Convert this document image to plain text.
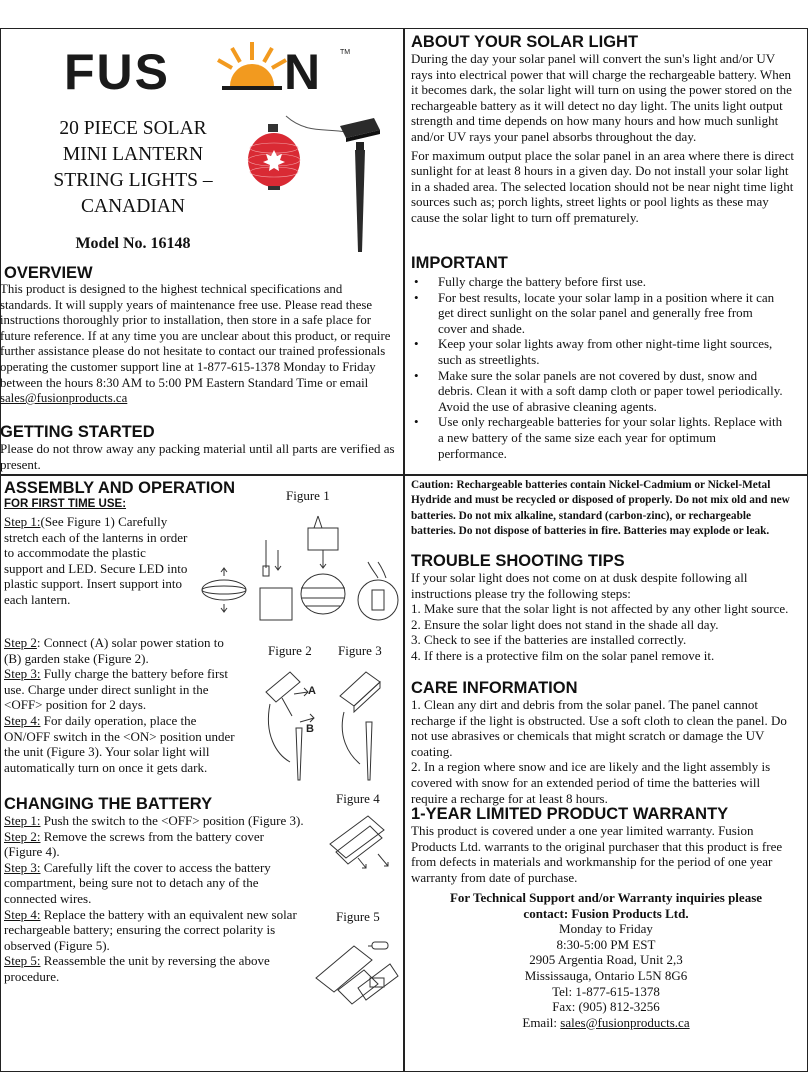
FUS N	TM
20 PIECE SOLAR
MINI LANTERN
STRING LIGHTS –
CANADIAN
Model No. 16148
OVERVIEW
This product is designed to the highest technical specifications and standards. It will supply years of maintenance free use. Please read these instructions thoroughly prior to installation, then store in a safe place for future reference. If at any time you are unclear about this product, or require further assistance please do not hesitate to contact our trained professionals operating the customer support line at 1-877-615-1378 Monday to Friday between the hours 8:30 AM to 5:00 PM Eastern Standard Time or email sales@fusionproducts.ca
GETTING STARTED

Please do not throw away any packing material until all parts are verified as present.

ABOUT YOUR SOLAR LIGHT

During the day your solar panel will convert the sun's light and/or UV rays into electrical power that will charge the rechargeable battery. When it becomes dark, the solar light will turn on using the power stored on the rechargeable battery as it will detect no day light. The units light output strength and time depends on how many hours and how much sunlight and/or UV rays your panel absorbs throughout the day.

For maximum output place the solar panel in an area where there is direct sunlight for at least 8 hours in a given day. Do not install your solar light in a shaded area. The selected location should not be near night time light sources such as; porch lights, street lights or pool lights as these may cause the solar light to turn off prematurely.

IMPORTANT
• Fully charge the battery before first use.
• For best results, locate your solar lamp in a position where it can get direct sunlight on the solar panel and generally free from cover and shade.
• Keep your solar lights away from other night-time light sources, such as streetlights.
• Make sure the solar panels are not covered by dust, snow and debris. Clean it with a soft damp cloth or paper towel periodically. Avoid the use of abrasive cleaning agents.
• Use only rechargeable batteries for your solar lights. Replace with a new battery of the same size each year for optimum performance.
ASSEMBLY AND OPERATION
FOR FIRST TIME USE:
Step 1:(See Figure 1) Carefully stretch each of the lanterns in order to accommodate the plastic support and LED. Secure LED into plastic support. Insert support into each lantern.
Step 2: Connect (A) solar power station to (B) garden stake (Figure 2).
Step 3: Fully charge the battery before first use. Charge under direct sunlight in the <OFF> position for 2 days.
Step 4: For daily operation, place the ON/OFF switch in the <ON> position under the unit (Figure 3). Your solar light will automatically turn on once it gets dark.
CHANGING THE BATTERY
Step 1: Push the switch to the <OFF> position (Figure 3).
Step 2: Remove the screws from the battery cover (Figure 4).
Step 3: Carefully lift the cover to access the battery compartment, being sure not to detach any of the connected wires.
Step 4: Replace the battery with an equivalent new solar rechargeable battery; ensuring the correct polarity is observed (Figure 5).
Step 5: Reassemble the unit by reversing the above procedure.
Figure 1
Figure 2 Figure 3
A
B
Figure 4
Figure 5

Caution: Rechargeable batteries contain Nickel-Cadmium or Nickel-Metal Hydride and must be recycled or disposed of properly. Do not mix old and new batteries. Do not mix alkaline, standard (carbon-zinc), or rechargeable batteries. Do not dispose of batteries in fire. Batteries may explode or leak.

TROUBLE SHOOTING TIPS

If your solar light does not come on at dusk despite following all instructions please try the following steps:

1. Make sure that the solar light is not affected by any other light source.

2. Ensure the solar light does not stand in the shade all day.

3. Check to see if the batteries are installed correctly.

4. If there is a protective film on the solar panel remove it.

CARE INFORMATION

1. Clean any dirt and debris from the solar panel. The panel cannot recharge if the light is obstructed. Use a soft cloth to clean the panel. Do not use abrasives or chemicals that might scratch or damage the UV coating.

2. In a region where snow and ice are likely and the light assembly is covered with snow for an extended period of time the batteries will require a recharge for at least 8 hours.

1-YEAR LIMITED PRODUCT WARRANTY

This product is covered under a one year limited warranty. Fusion Products Ltd. warrants to the original purchaser that this product is free from defects in materials and workmanship for the period of one year warranty from date of purchase.

For Technical Support and/or Warranty inquiries please
contact: Fusion Products Ltd.
Monday to Friday
8:30-5:00 PM EST
2905 Argentia Road, Unit 2,3
Mississauga, Ontario L5N 8G6
Tel: 1-877-615-1378
Fax: (905) 812-3256
Email: sales@fusionproducts.ca
